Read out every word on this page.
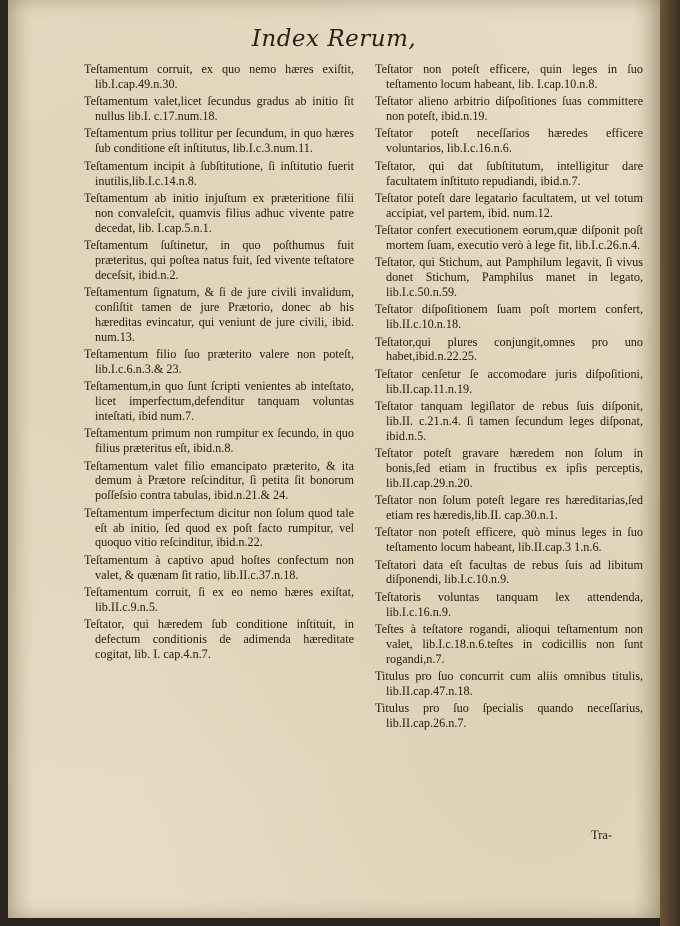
Index Rerum,

Teſtamentum corruit, ex quo nemo hæres exiſtit, lib.I.cap.49.n.30.

Teſtamentum valet,licet ſecundus gradus ab initio ſit nullus lib.I. c.17.num.18.

Teſtamentum prius tollitur per ſecundum, in quo hæres ſub conditione eſt inſtitutus, lib.I.c.3.num.11.

Teſtamentum incipit à ſubſtitutione, ſi inſtitutio fuerit inutilis,lib.I.c.14.n.8.

Teſtamentum ab initio injuſtum ex præteritione filii non convaleſcit, quamvis filius adhuc vivente patre decedat, lib. I.cap.5.n.1.

Teſtamentum ſuſtinetur, in quo poſthumus fuit præteritus, qui poſtea natus fuit, ſed vivente teſtatore deceſsit, ibid.n.2.

Teſtamentum ſignatum, & ſi de jure civili invalidum, conſiſtit tamen de jure Prætorio, donec ab his hæreditas evincatur, qui veniunt de jure civili, ibid. num.13.

Teſtamentum filio ſuo præterito valere non poteſt, lib.I.c.6.n.3.& 23.

Teſtamentum,in quo ſunt ſcripti venientes ab inteſtato, licet imperfectum,defenditur tanquam voluntas inteſtati, ibid num.7.

Teſtamentum primum non rumpitur ex ſecundo, in quo filius præteritus eſt, ibid.n.8.

Teſtamentum valet filio emancipato præterito, & ita demum à Prætore reſcinditur, ſi petita ſit bonorum poſſeſsio contra tabulas, ibid.n.21.& 24.

Teſtamentum imperfectum dicitur non ſolum quod tale eſt ab initio, ſed quod ex poſt facto rumpitur, vel quoquo vitio reſcinditur, ibid.n.22.

Teſtamentum à captivo apud hoſtes confectum non valet, & quænam ſit ratio, lib.II.c.37.n.18.

Teſtamentum corruit, ſi ex eo nemo hæres exiſtat, lib.II.c.9.n.5.

Teſtator, qui hæredem ſub conditione inſtituit, in defectum conditionis de adimenda hæreditate cogitat, lib. I. cap.4.n.7.

Teſtator non poteſt efficere, quin leges in ſuo teſtamento locum habeant, lib. I.cap.10.n.8.

Teſtator alieno arbitrio diſpoſitiones ſuas committere non poteſt, ibid.n.19.

Teſtator poteſt neceſſarios hæredes efficere voluntarios, lib.I.c.16.n.6.

Teſtator, qui dat ſubſtitutum, intelligitur dare facultatem inſtituto repudiandi, ibid.n.7.

Teſtator poteſt dare legatario facultatem, ut vel totum accipiat, vel partem, ibid. num.12.

Teſtator confert executionem eorum,quæ diſponit poſt mortem ſuam, executio verò à lege fit, lib.I.c.26.n.4.

Teſtator, qui Stichum, aut Pamphilum legavit, ſi vivus donet Stichum, Pamphilus manet in legato, lib.I.c.50.n.59.

Teſtator diſpoſitionem ſuam poſt mortem confert, lib.II.c.10.n.18.

Teſtator,qui plures conjungit,omnes pro uno habet,ibid.n.22.25.

Teſtator cenſetur ſe accomodare juris diſpoſitioni, lib.II.cap.11.n.19.

Teſtator tanquam legiſlator de rebus ſuis diſponit, lib.II. c.21.n.4. ſi tamen ſecundum leges diſponat, ibid.n.5.

Teſtator poteſt gravare hæredem non ſolum in bonis,ſed etiam in fructibus ex ipſis perceptis, lib.II.cap.29.n.20.

Teſtator non ſolum poteſt legare res hæreditarias,ſed etiam res hæredis,lib.II. cap.30.n.1.

Teſtator non poteſt efficere, quò minus leges in ſuo teſtamento locum habeant, lib.II.cap.3 1.n.6.

Teſtatori data eſt facultas de rebus ſuis ad libitum diſponendi, lib.I.c.10.n.9.

Teſtatoris voluntas tanquam lex attendenda, lib.I.c.16.n.9.

Teſtes à teſtatore rogandi, alioqui teſtamentum non valet, lib.I.c.18.n.6.teſtes in codicillis non ſunt rogandi,n.7.

Titulus pro ſuo concurrit cum aliis omnibus titulis, lib.II.cap.47.n.18.

Titulus pro ſuo ſpecialis quando neceſſarius, lib.II.cap.26.n.7.

Tra-
